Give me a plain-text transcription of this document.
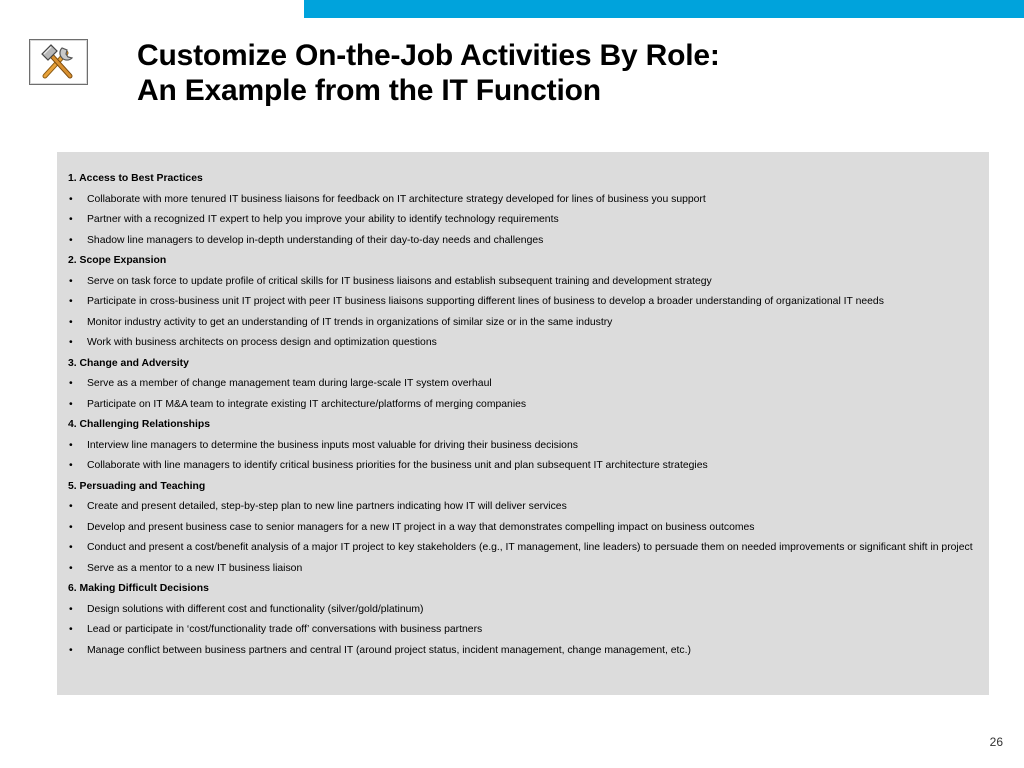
Customize On-the-Job Activities By Role:
An Example from the IT Function
1. Access to Best Practices
• Collaborate with more tenured IT business liaisons for feedback on IT architecture strategy developed for lines of business you support
• Partner with a recognized IT expert to help you improve your ability to identify technology requirements
• Shadow line managers to develop in-depth understanding of their day-to-day needs and challenges
2. Scope Expansion
• Serve on task force to update profile of critical skills for IT business liaisons and establish subsequent training and development strategy
• Participate in cross-business unit IT project with peer IT business liaisons supporting different lines of business to develop a broader understanding of organizational IT needs
• Monitor industry activity to get an understanding of IT trends in organizations of similar size or in the same industry
• Work with business architects on process design and optimization questions
3. Change and Adversity
• Serve as a member of change management team during large-scale IT system overhaul
• Participate on IT M&A team to integrate existing IT architecture/platforms of merging companies
4. Challenging Relationships
• Interview line managers to determine the business inputs most valuable for driving their business decisions
• Collaborate with line managers to identify critical business priorities for the business unit and plan subsequent IT architecture strategies
5. Persuading and Teaching
• Create and present detailed, step-by-step plan to new line partners indicating how IT will deliver services
• Develop and present business case to senior managers for a new IT project in a way that demonstrates compelling impact on business outcomes
• Conduct and present a cost/benefit analysis of a major IT project to key stakeholders (e.g., IT management, line leaders) to persuade them on needed improvements or significant shift in project
• Serve as a mentor to a new IT business liaison
6. Making Difficult Decisions
• Design solutions with different cost and functionality (silver/gold/platinum)
• Lead or participate in ‘cost/functionality trade off’ conversations with business partners
• Manage conflict between business partners and central IT (around project status, incident management, change management, etc.)
26
